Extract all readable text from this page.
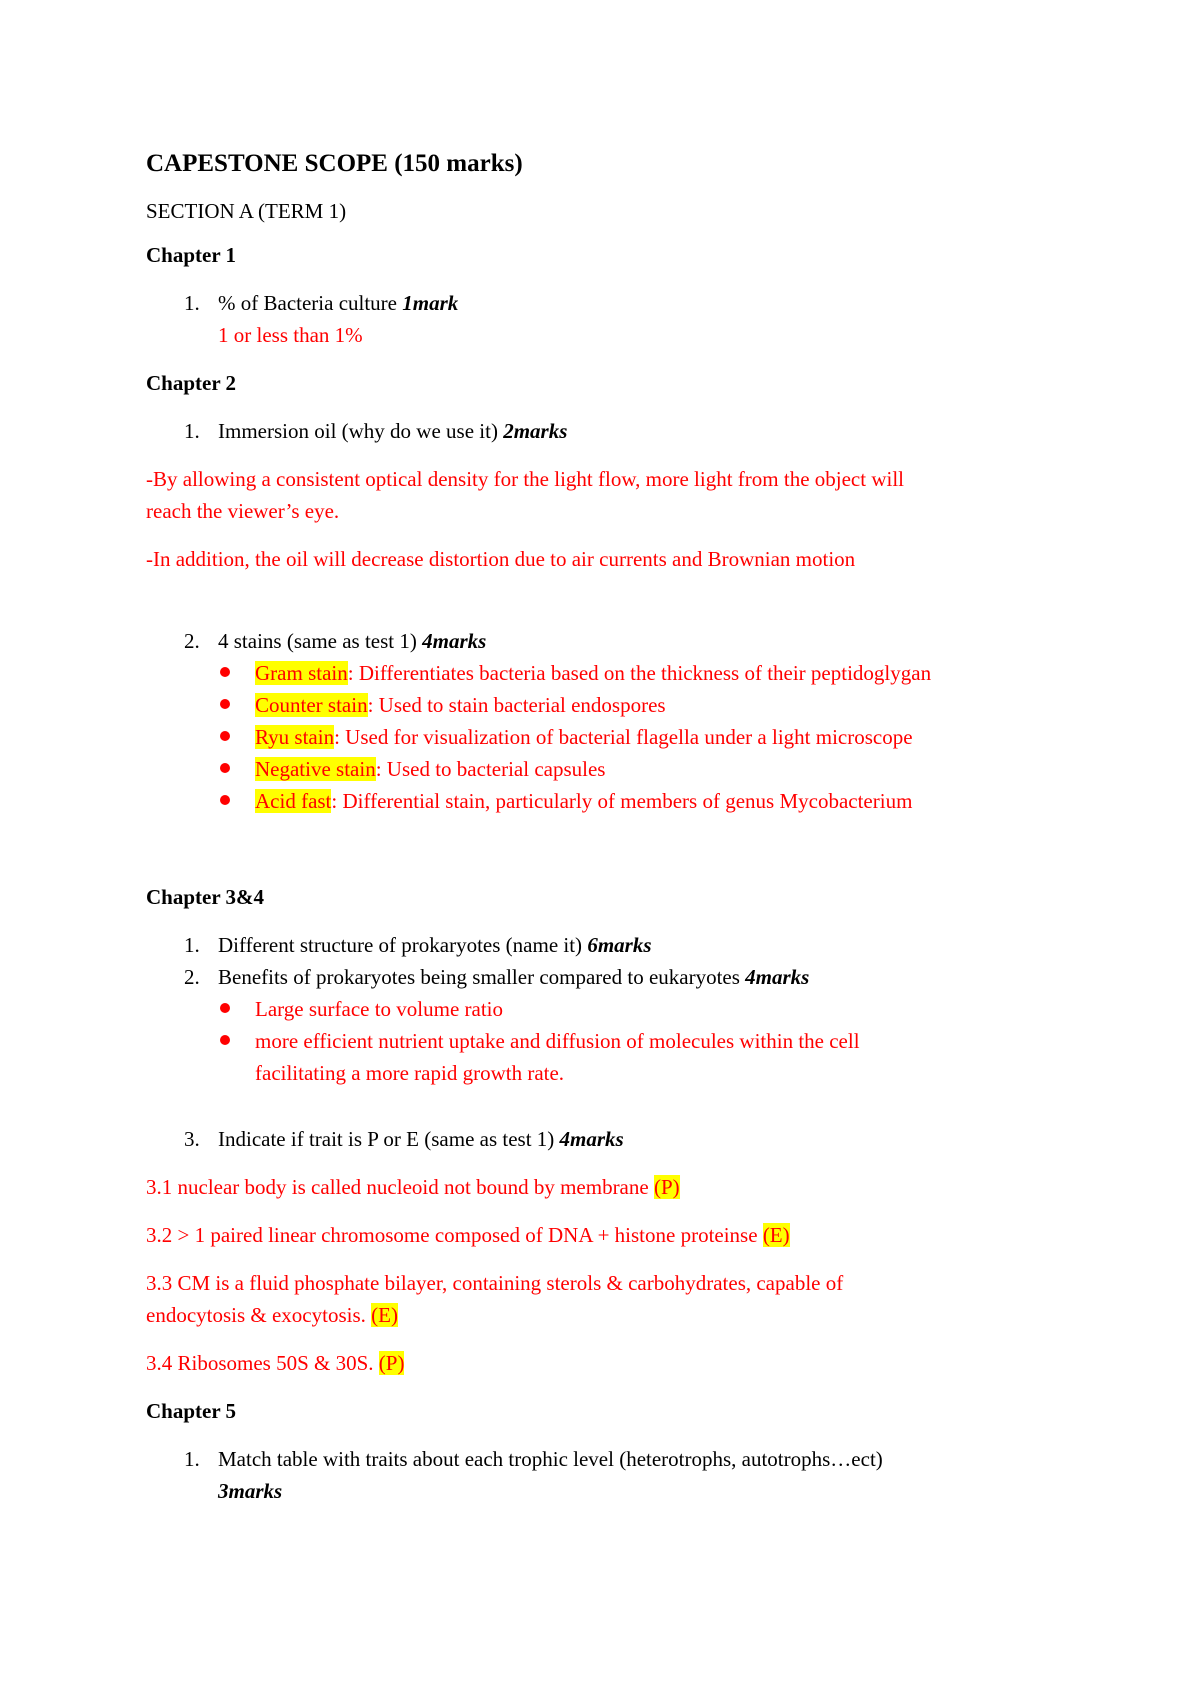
CAPESTONE SCOPE (150 marks)
SECTION A (TERM 1)
Chapter 1
1. % of Bacteria culture 1mark
1 or less than 1%
Chapter 2
1. Immersion oil (why do we use it) 2marks
-By allowing a consistent optical density for the light flow, more light from the object will
reach the viewer’s eye.
-In addition, the oil will decrease distortion due to air currents and Brownian motion
2. 4 stains (same as test 1) 4marks
Gram stain: Differentiates bacteria based on the thickness of their peptidoglygan
Counter stain: Used to stain bacterial endospores
Ryu stain: Used for visualization of bacterial flagella under a light microscope
Negative stain: Used to bacterial capsules
Acid fast: Differential stain, particularly of members of genus Mycobacterium
Chapter 3&4
1. Different structure of prokaryotes (name it) 6marks
2. Benefits of prokaryotes being smaller compared to eukaryotes 4marks
Large surface to volume ratio
more efficient nutrient uptake and diffusion of molecules within the cell
facilitating a more rapid growth rate.
3. Indicate if trait is P or E (same as test 1) 4marks
3.1 nuclear body is called nucleoid not bound by membrane (P)
3.2 > 1 paired linear chromosome composed of DNA + histone proteinse (E)
3.3 CM is a fluid phosphate bilayer, containing sterols & carbohydrates, capable of
endocytosis & exocytosis. (E)
3.4 Ribosomes 50S & 30S. (P)
Chapter 5
1. Match table with traits about each trophic level (heterotrophs, autotrophs…ect)
3marks
